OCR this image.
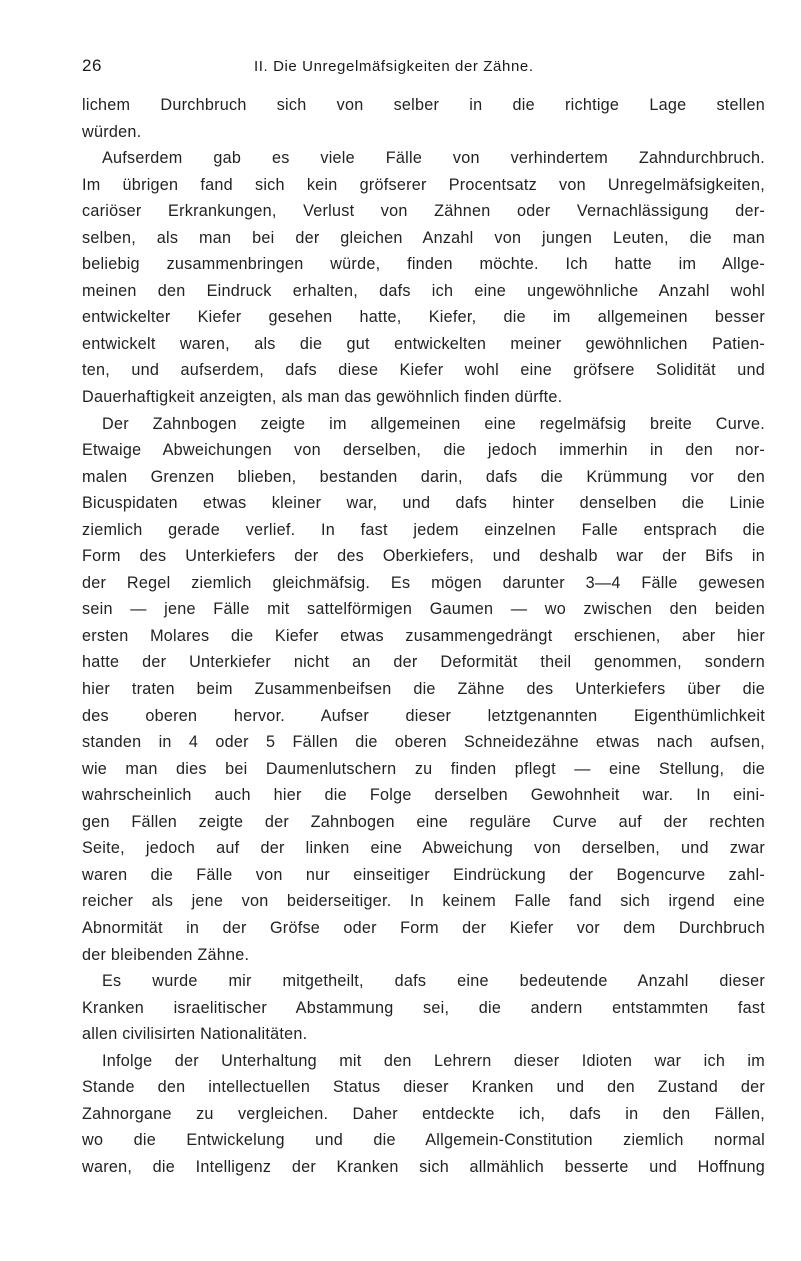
26	II. Die Unregelmäfsigkeiten der Zähne.
lichem Durchbruch sich von selber in die richtige Lage stellen
würden.
Aufserdem gab es viele Fälle von verhindertem Zahndurchbruch.
Im übrigen fand sich kein gröfserer Procentsatz von Unregelmäfsigkeiten,
cariöser Erkrankungen, Verlust von Zähnen oder Vernachlässigung der-
selben, als man bei der gleichen Anzahl von jungen Leuten, die man
beliebig zusammenbringen würde, finden möchte. Ich hatte im Allge-
meinen den Eindruck erhalten, dafs ich eine ungewöhnliche Anzahl wohl
entwickelter Kiefer gesehen hatte, Kiefer, die im allgemeinen besser
entwickelt waren, als die gut entwickelten meiner gewöhnlichen Patien-
ten, und aufserdem, dafs diese Kiefer wohl eine gröfsere Solidität und
Dauerhaftigkeit anzeigten, als man das gewöhnlich finden dürfte.
Der Zahnbogen zeigte im allgemeinen eine regelmäfsig breite Curve.
Etwaige Abweichungen von derselben, die jedoch immerhin in den nor-
malen Grenzen blieben, bestanden darin, dafs die Krümmung vor den
Bicuspidaten etwas kleiner war, und dafs hinter denselben die Linie
ziemlich gerade verlief. In fast jedem einzelnen Falle entsprach die
Form des Unterkiefers der des Oberkiefers, und deshalb war der Bifs in
der Regel ziemlich gleichmäfsig. Es mögen darunter 3—4 Fälle gewesen
sein — jene Fälle mit sattelförmigen Gaumen — wo zwischen den beiden
ersten Molares die Kiefer etwas zusammengedrängt erschienen, aber hier
hatte der Unterkiefer nicht an der Deformität theil genommen, sondern
hier traten beim Zusammenbeifsen die Zähne des Unterkiefers über die
des oberen hervor. Aufser dieser letztgenannten Eigenthümlichkeit
standen in 4 oder 5 Fällen die oberen Schneidezähne etwas nach aufsen,
wie man dies bei Daumenlutschern zu finden pflegt — eine Stellung, die
wahrscheinlich auch hier die Folge derselben Gewohnheit war. In eini-
gen Fällen zeigte der Zahnbogen eine reguläre Curve auf der rechten
Seite, jedoch auf der linken eine Abweichung von derselben, und zwar
waren die Fälle von nur einseitiger Eindrückung der Bogencurve zahl-
reicher als jene von beiderseitiger. In keinem Falle fand sich irgend eine
Abnormität in der Gröfse oder Form der Kiefer vor dem Durchbruch
der bleibenden Zähne.
Es wurde mir mitgetheilt, dafs eine bedeutende Anzahl dieser
Kranken israelitischer Abstammung sei, die andern entstammten fast
allen civilisirten Nationalitäten.
Infolge der Unterhaltung mit den Lehrern dieser Idioten war ich im
Stande den intellectuellen Status dieser Kranken und den Zustand der
Zahnorgane zu vergleichen. Daher entdeckte ich, dafs in den Fällen,
wo die Entwickelung und die Allgemein-Constitution ziemlich normal
waren, die Intelligenz der Kranken sich allmählich besserte und Hoffnung
